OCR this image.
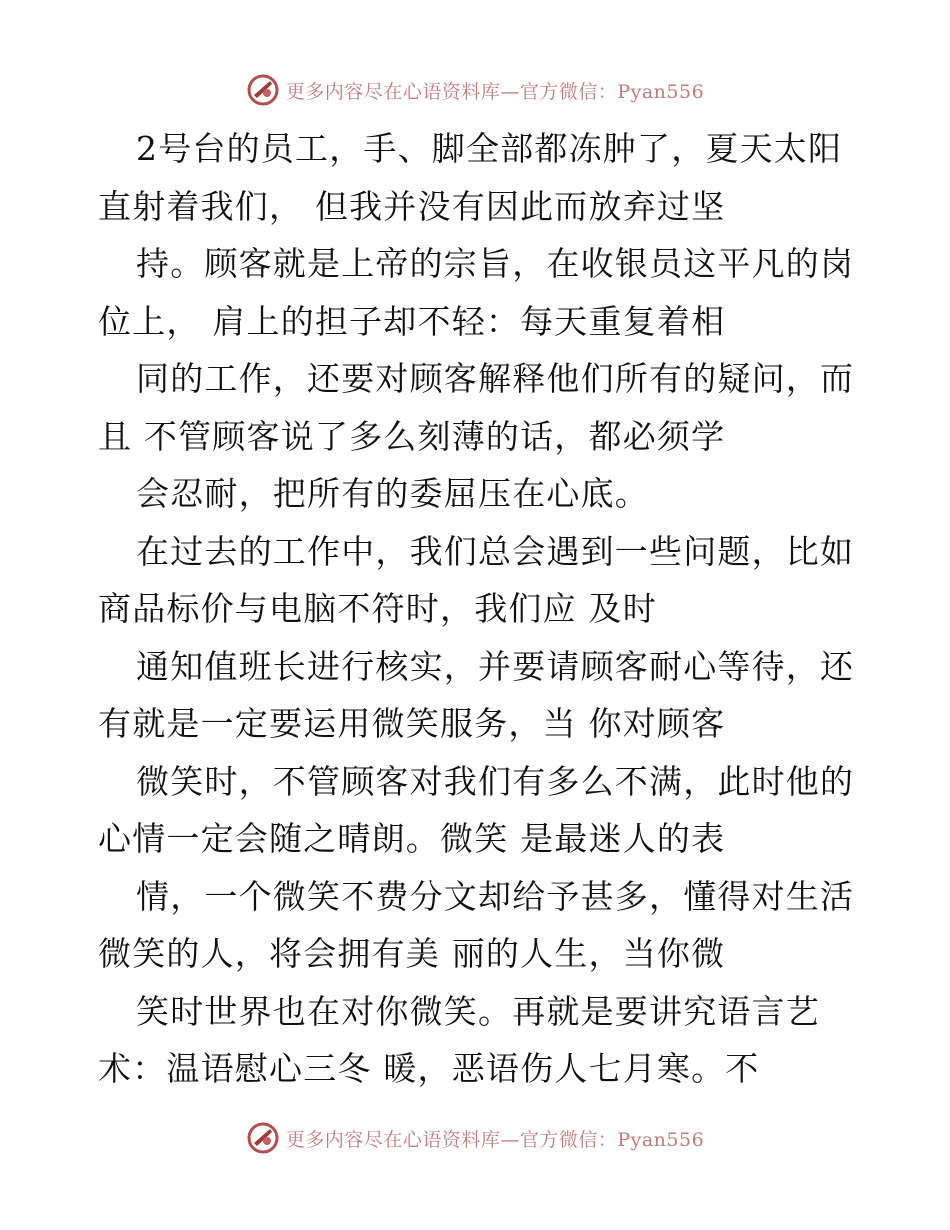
更多内容尽在心语资料库—官方微信：Pyan556
2号台的员工，手、脚全部都冻肿了，夏天太阳
直射着我们， 但我并没有因此而放弃过坚
持。顾客就是上帝的宗旨，在收银员这平凡的岗
位上， 肩上的担子却不轻：每天重复着相
同的工作，还要对顾客解释他们所有的疑问，而
且 不管顾客说了多么刻薄的话，都必须学
会忍耐，把所有的委屈压在心底。
在过去的工作中，我们总会遇到一些问题，比如
商品标价与电脑不符时，我们应 及时
通知值班长进行核实，并要请顾客耐心等待，还
有就是一定要运用微笑服务，当 你对顾客
微笑时，不管顾客对我们有多么不满，此时他的
心情一定会随之晴朗。微笑 是最迷人的表
情，一个微笑不费分文却给予甚多，懂得对生活
微笑的人，将会拥有美 丽的人生，当你微
笑时世界也在对你微笑。再就是要讲究语言艺
术：温语慰心三冬 暖，恶语伤人七月寒。不
更多内容尽在心语资料库—官方微信：Pyan556
